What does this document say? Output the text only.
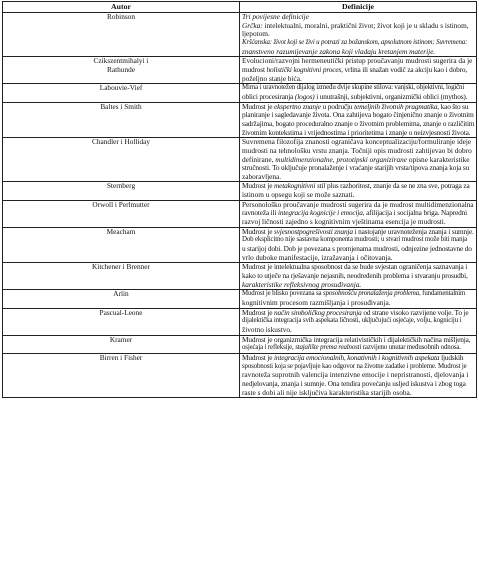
Autor	Definicije

Robinson	Tri povijesne definicije
Grčka: intelektualni, moralni, praktični život; život koji je u skladu s istinom,
ljepotom.
Kršćanska: život koji se živi u potrazi za božanskom, apsolutnom istinom; Suvremena:
znanstveno razumijevanje zakona koji vladaju kretanjem materije.

Czikszentmihalyi i
Rathunde	Evolucioni/razvojni hermeneutički pristup proučavanju mudrosti sugerira da je
mudrost holistički kognitivni proces, vrlina ili snažan vodič za akciju kao i dobro,
poželjno stanje bića.

Labouvie-Vief	Mirna i uravnotežen dijalog između dvije skupine stilova: vanjski, objektivni, logični
oblici procesiranja (logos) i unutrašnji, subjektivni, organizmički oblici (mythos).

Baltes i Smith	Mudrost je ekspertno znanje u području temeljnih životnih pragmatika, kao što su
planiranje i sagledavanje života. Ona zahtijeva bogato činjenično znanje o životnim
sadržajima, bogato proceduralno znanje o životnim problemima, znanje o različitim
životnim kontekstima i vrijednostima i prioritetima i znanje o neizvjesnosti života.

Chandler i Holliday	Suvremena filozofija znanosti ograničava konceptualizaciju/formuliranje ideje
mudrosti na tehnološku vrstu znanja. Točniji opis mudrosti zahtijevao bi dobro
definirane, multidimenzionalne, prototipski organizirane opisne karakteristike
stručnosti. To uključuje pronalaženje i vraćanje starijih vrsta/tipova znanja koja su
zaboravljena.

Sternberg	Mudrost je metakognitivni stil plus razboritost, znanje da se ne zna sve, potraga za
istinom u opsegu koji se može saznati.

Orwoll i Perlmutter	Personološko proučavanje mudrosti sugerira da je mudrost multidimenzionalna
ravnoteža ili integracija kognicije i emocija, afilijacija i socijalna briga. Napredni
razvoj ličnosti zajedno s kognitivnim vještinama esencija je mudrosti.

Meacham	Mudrost je svjesnostpogrešivosti znanja i nastojanje uravnoteženja znanja i sumnje.
Dob eksplicitno nije sastavna komponenta mudrosti; u stvari mudrost može biti manja
u starijoj dobi. Dob je povezana s promjenama mudrosti, odnjezine jednostavne do
vrlo duboke manifestacije, izražavanja i očitovanja.

Kitchener i Brenner	Mudrost je intelektualna sposobnost da se bude svjestan ograničenja saznavanja i
kako to utječe na rješavanje nejasnih, neodređenih problema i stvaranju prosudbi,
karakteristike refleksivnog prosuđivanja.

Arlin	Mudrost je blisko povezana sa sposobnošću pronalaženja problema, fundamentalnim
kognitivnim procesom razmišljanja i prosuđivanja.

Pascual-Leone	Mudrost je način simboličkog procesiranja od strane visoko razvijene volje. To je
dijalektička integracija svih aspekata ličnosti, uključujući osjećaje, volju, kogniciju i
životno iskustvo.

Kramer	Mudrost je organizmička integracija relativističkih i dijalektičkih načina mišljenja,
osjećaja i refleksije, stajalište prema realnosti razvijeno unutar međusobnih odnosa.

Birren i Fisher	Mudrost je integracija emocionalnih, konativnih i kognitivnih aspekata ljudskih
sposobnosti koja se pojavljuje kao odgovor na životne zadatke i probleme. Mudrost je
ravnoteža suprotnih valencija intenzivne emocije i nepristranosti, djelovanja i
nedjelovanja, znanja i sumnje. Ona tendira povećanju usljed iskustva i zbog toga
raste s dobi ali nije isključiva karakteristika starijih osoba.
